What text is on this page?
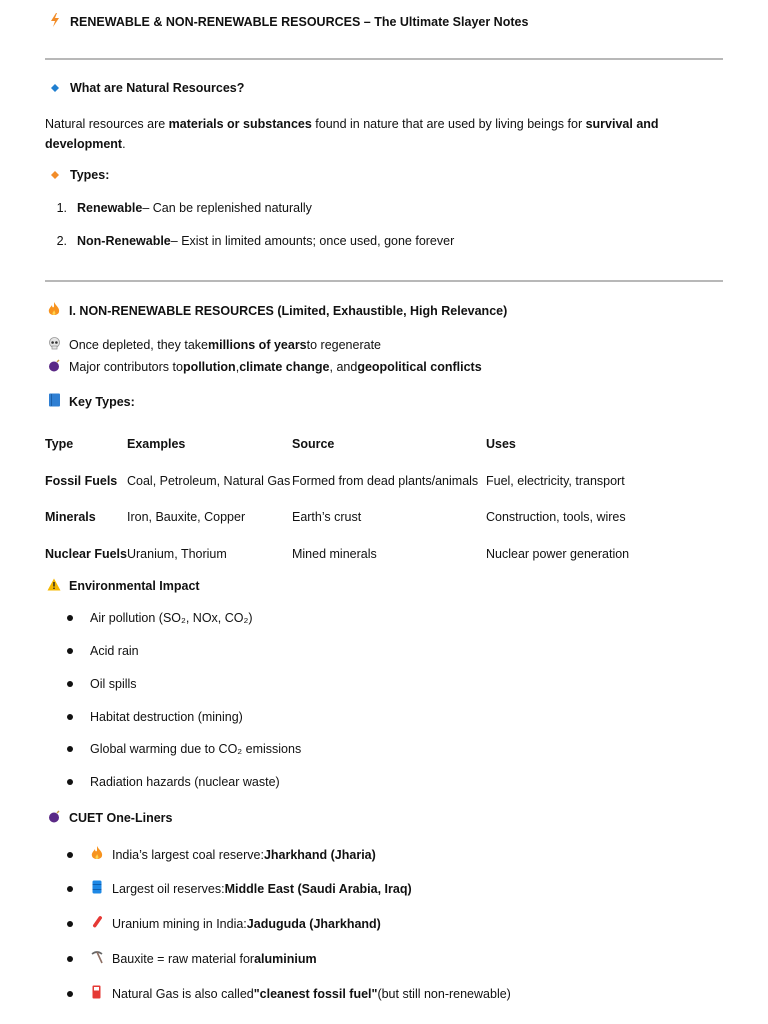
RENEWABLE & NON-RENEWABLE RESOURCES – The Ultimate Slayer Notes
What are Natural Resources?
Natural resources are materials or substances found in nature that are used by living beings for survival and
development.
Types:
1. Renewable – Can be replenished naturally
2. Non-Renewable – Exist in limited amounts; once used, gone forever
I. NON-RENEWABLE RESOURCES (Limited, Exhaustible, High Relevance)
Once depleted, they take millions of years to regenerate
Major contributors to pollution , climate change , and geopolitical conflicts
Key Types:
Type	Examples	Source	Uses
Fossil Fuels	Coal, Petroleum, Natural Gas	Formed from dead plants/animals	Fuel, electricity, transport
Minerals	Iron, Bauxite, Copper	Earth’s crust	Construction, tools, wires
Nuclear Fuels	Uranium, Thorium	Mined minerals	Nuclear power generation
Environmental Impact
Air pollution (SO₂, NOx, CO₂)
Acid rain
Oil spills
Habitat destruction (mining)
Global warming due to CO₂ emissions
Radiation hazards (nuclear waste)
CUET One-Liners
India’s largest coal reserve: Jharkhand (Jharia)
Largest oil reserves: Middle East (Saudi Arabia, Iraq)
Uranium mining in India: Jaduguda (Jharkhand)
Bauxite = raw material for aluminium
Natural Gas is also called "cleanest fossil fuel" (but still non-renewable)
